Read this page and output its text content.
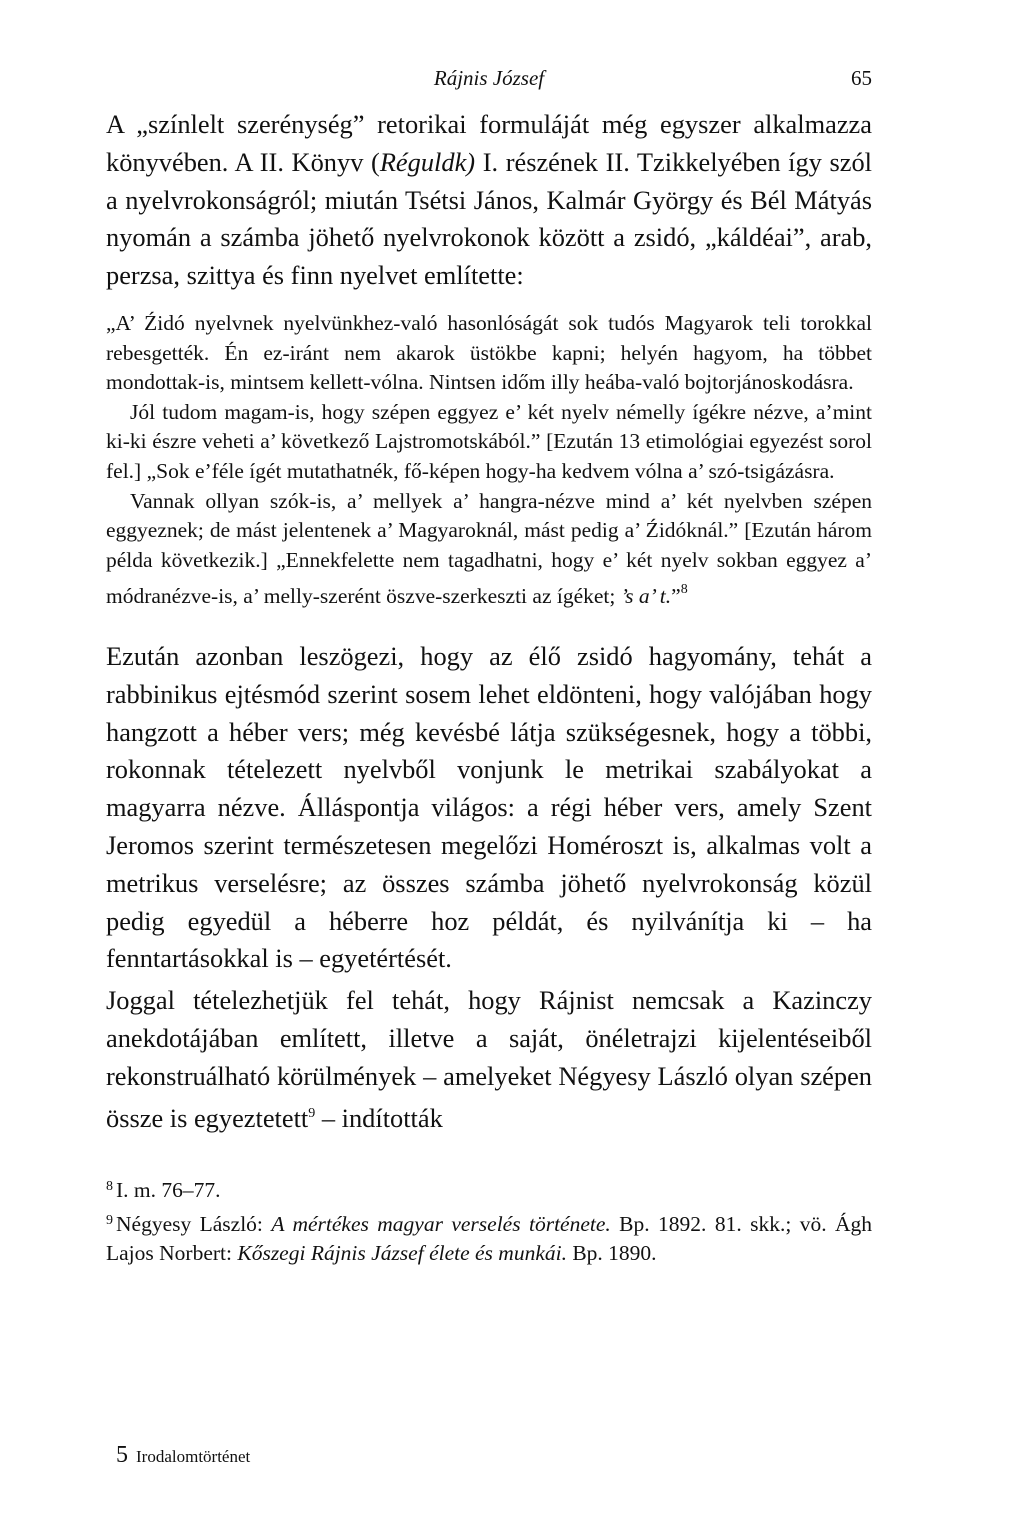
Rájnis József	65

A „színlelt szerénység” retorikai formuláját még egyszer alkalmazza könyvében. A II. Könyv (Réguldk) I. részének II. Tzikkelyében így szól a nyelvrokonságról; miután Tsétsi János, Kalmár György és Bél Mátyás nyomán a számba jöhető nyelvrokonok között a zsidó, „káldéai”, arab, perzsa, szittya és finn nyelvet említette:

„A’ Źidó nyelvnek nyelvünkhez-való hasonlóságát sok tudós Magyarok teli torokkal rebesgették. Én ez-iránt nem akarok üstökbe kapni; helyén hagyom, ha többet mondottak-is, mintsem kellett-vólna. Nintsen időm illy heába-való bojtorjánoskodásra.

Jól tudom magam-is, hogy szépen eggyez e’ két nyelv némelly ígékre nézve, a’mint ki-ki észre veheti a’ következő Lajstromotskából.” [Ezután 13 etimológiai egyezést sorol fel.] „Sok e’féle ígét mutathatnék, fő-képen hogy-ha kedvem vólna a’ szó-tsigázásra.

Vannak ollyan szók-is, a’ mellyek a’ hangra-nézve mind a’ két nyelvben szépen eggyeznek; de mást jelentenek a’ Magyaroknál, mást pedig a’ Źidóknál.” [Ezután három példa következik.] „Ennekfelette nem tagadhatni, hogy e’ két nyelv sokban eggyez a’ módranézve-is, a’ melly-szerént öszve-szerkeszti az ígéket; ’s a’ t.”$^8$

Ezután azonban leszögezi, hogy az élő zsidó hagyomány, tehát a rabbinikus ejtésmód szerint sosem lehet eldönteni, hogy valójában hogy hangzott a héber vers; még kevésbé látja szükségesnek, hogy a többi, rokonnak tételezett nyelvből vonjunk le metrikai szabályokat a magyarra nézve. Álláspontja világos: a régi héber vers, amely Szent Jeromos szerint természetesen megelőzi Homéroszt is, alkalmas volt a metrikus verselésre; az összes számba jöhető nyelvrokonság közül pedig egyedül a héberre hoz példát, és nyilvánítja ki – ha fenntartásokkal is – egyetértését.

Joggal tételezhetjük fel tehát, hogy Rájnist nemcsak a Kazinczy anekdotájában említett, illetve a saját, önéletrajzi kijelentéseiből rekonstruálható körülmények – amelyeket Négyesy László olyan szépen össze is egyeztetett$^9$ – indították

$^8$ I. m. 76–77.

$^9$ Négyesy László: A mértékes magyar verselés története. Bp. 1892. 81. skk.; vö. Ágh Lajos Norbert: Kőszegi Rájnis Jázsef élete és munkái. Bp. 1890.

5 Irodalomtörténet
